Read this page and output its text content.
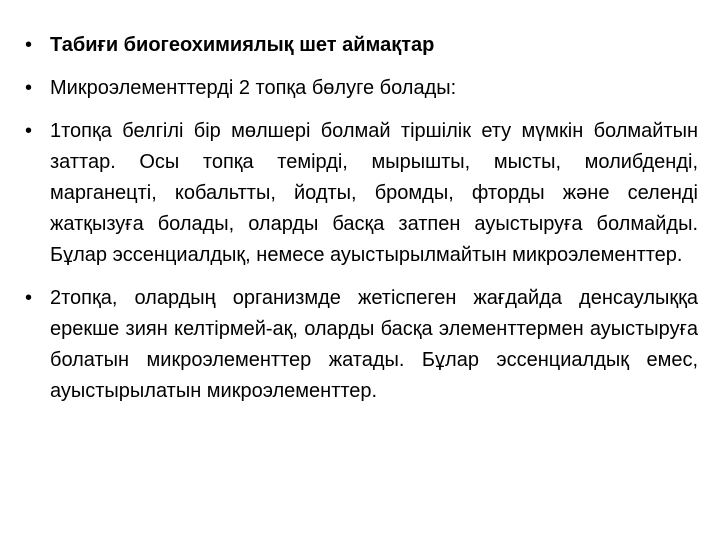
• Табиғи биогеохимиялық шет аймақтар
• Микроэлементтерді 2 топқа бөлуге болады:
• 1топқа белгілі бір мөлшері болмай тіршілік ету мүмкін болмайтын заттар. Осы топқа темірді, мырышты, мысты, молибденді, марганецті, кобальтты, йодты, бромды, фторды және селенді жатқызуға болады, оларды басқа затпен ауыстыруға болмайды. Бұлар эссенциалдық, немесе ауыстырылмайтын микроэлементтер.
• 2топқа, олардың организмде жетіспеген жағдайда денсаулыққа ерекше зиян келтірмей-ақ, оларды басқа элементтермен ауыстыруға болатын микроэлементтер жатады. Бұлар эссенциалдық емес, ауыстырылатын микроэлементтер.
